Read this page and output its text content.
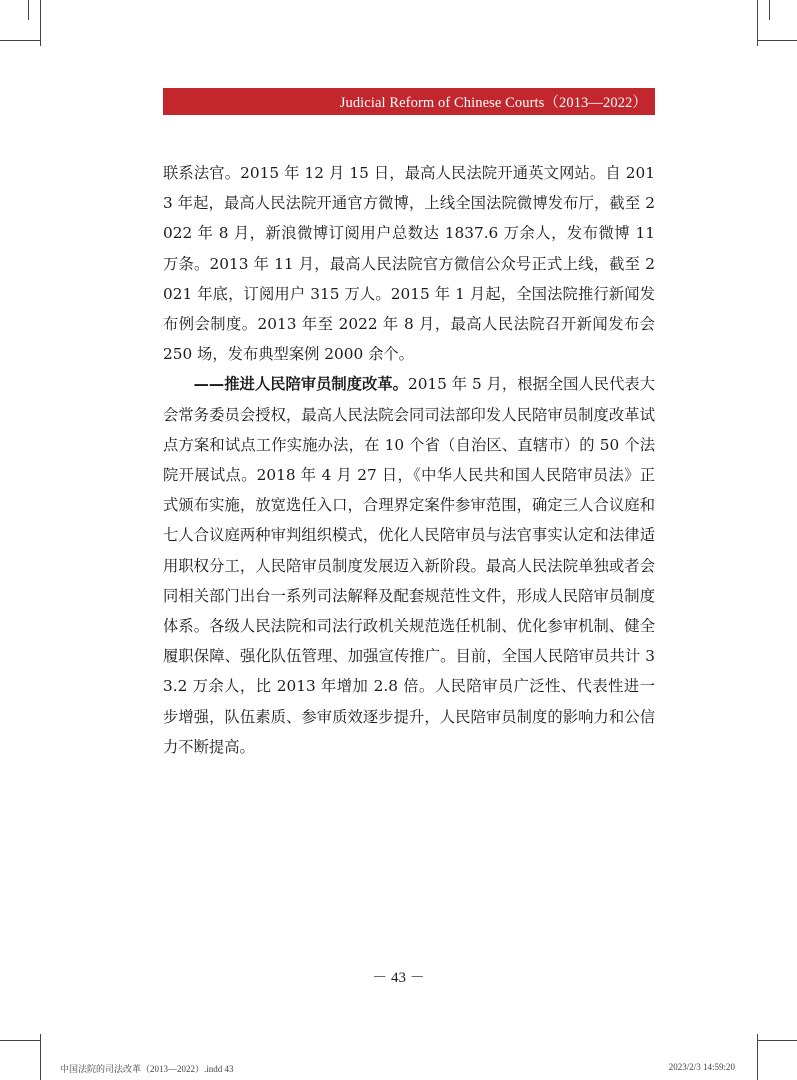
Judicial Reform of Chinese Courts（2013—2022）

联系法官。2015 年 12 月 15 日，最高人民法院开通英文网站。自 2013 年起，最高人民法院开通官方微博，上线全国法院微博发布厅，截至 2022 年 8 月，新浪微博订阅用户总数达 1837.6 万余人，发布微博 11 万条。2013 年 11 月，最高人民法院官方微信公众号正式上线，截至 2021 年底，订阅用户 315 万人。2015 年 1 月起，全国法院推行新闻发布例会制度。2013 年至 2022 年 8 月，最高人民法院召开新闻发布会 250 场，发布典型案例 2000 余个。

——推进人民陪审员制度改革。2015 年 5 月，根据全国人民代表大会常务委员会授权，最高人民法院会同司法部印发人民陪审员制度改革试点方案和试点工作实施办法，在 10 个省（自治区、直辖市）的 50 个法院开展试点。2018 年 4 月 27 日，《中华人民共和国人民陪审员法》正式颁布实施，放宽选任入口，合理界定案件参审范围，确定三人合议庭和七人合议庭两种审判组织模式，优化人民陪审员与法官事实认定和法律适用职权分工，人民陪审员制度发展迈入新阶段。最高人民法院单独或者会同相关部门出台一系列司法解释及配套规范性文件，形成人民陪审员制度体系。各级人民法院和司法行政机关规范选任机制、优化参审机制、健全履职保障、强化队伍管理、加强宣传推广。目前，全国人民陪审员共计 33.2 万余人，比 2013 年增加 2.8 倍。人民陪审员广泛性、代表性进一步增强，队伍素质、参审质效逐步提升，人民陪审员制度的影响力和公信力不断提高。

－ 43 －
中国法院的司法改革（2013—2022）.indd 43	2023/2/3 14:59:20
